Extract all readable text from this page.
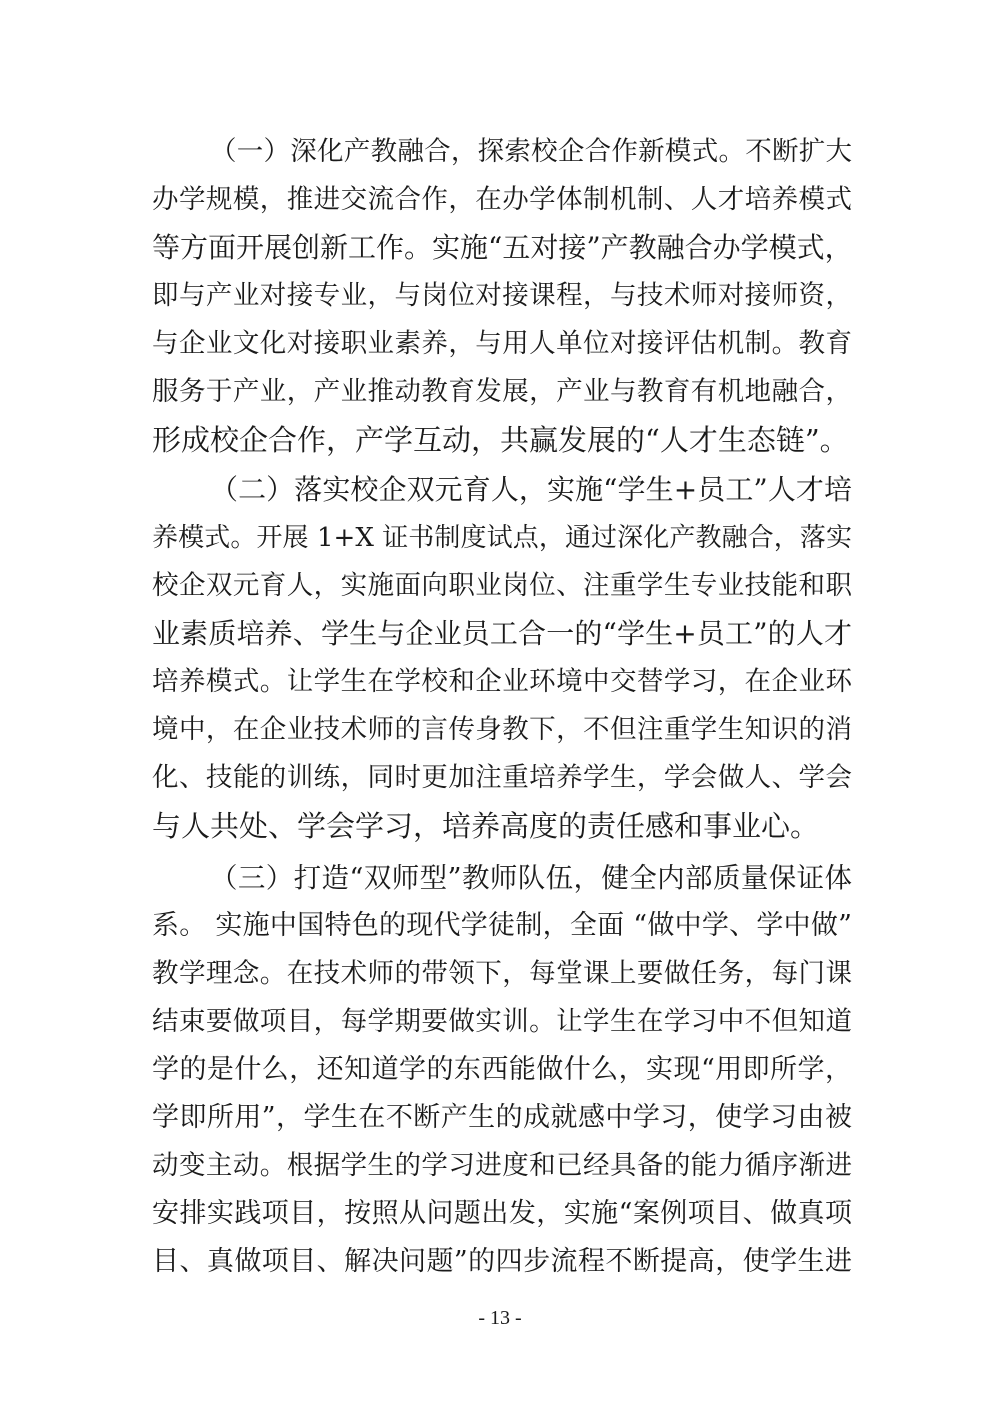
（一）深化产教融合，探索校企合作新模式。不断扩大
办学规模，推进交流合作，在办学体制机制、人才培养模式
等方面开展创新工作。实施“五对接”产教融合办学模式，
即与产业对接专业，与岗位对接课程，与技术师对接师资，
与企业文化对接职业素养，与用人单位对接评估机制。教育
服务于产业，产业推动教育发展，产业与教育有机地融合，
形成校企合作，产学互动，共赢发展的“人才生态链”。
（二）落实校企双元育人，实施“学生+员工”人才培
养模式。开展 1+X 证书制度试点，通过深化产教融合，落实
校企双元育人，实施面向职业岗位、注重学生专业技能和职
业素质培养、学生与企业员工合一的“学生+员工”的人才
培养模式。让学生在学校和企业环境中交替学习，在企业环
境中，在企业技术师的言传身教下，不但注重学生知识的消
化、技能的训练，同时更加注重培养学生，学会做人、学会
与人共处、学会学习，培养高度的责任感和事业心。
（三）打造“双师型”教师队伍，健全内部质量保证体
系。 实施中国特色的现代学徒制，全面 “做中学、学中做”
教学理念。在技术师的带领下，每堂课上要做任务，每门课
结束要做项目，每学期要做实训。让学生在学习中不但知道
学的是什么，还知道学的东西能做什么，实现“用即所学，
学即所用”，学生在不断产生的成就感中学习，使学习由被
动变主动。根据学生的学习进度和已经具备的能力循序渐进
安排实践项目，按照从问题出发，实施“案例项目、做真项
目、真做项目、解决问题”的四步流程不断提高，使学生进
- 13 -
